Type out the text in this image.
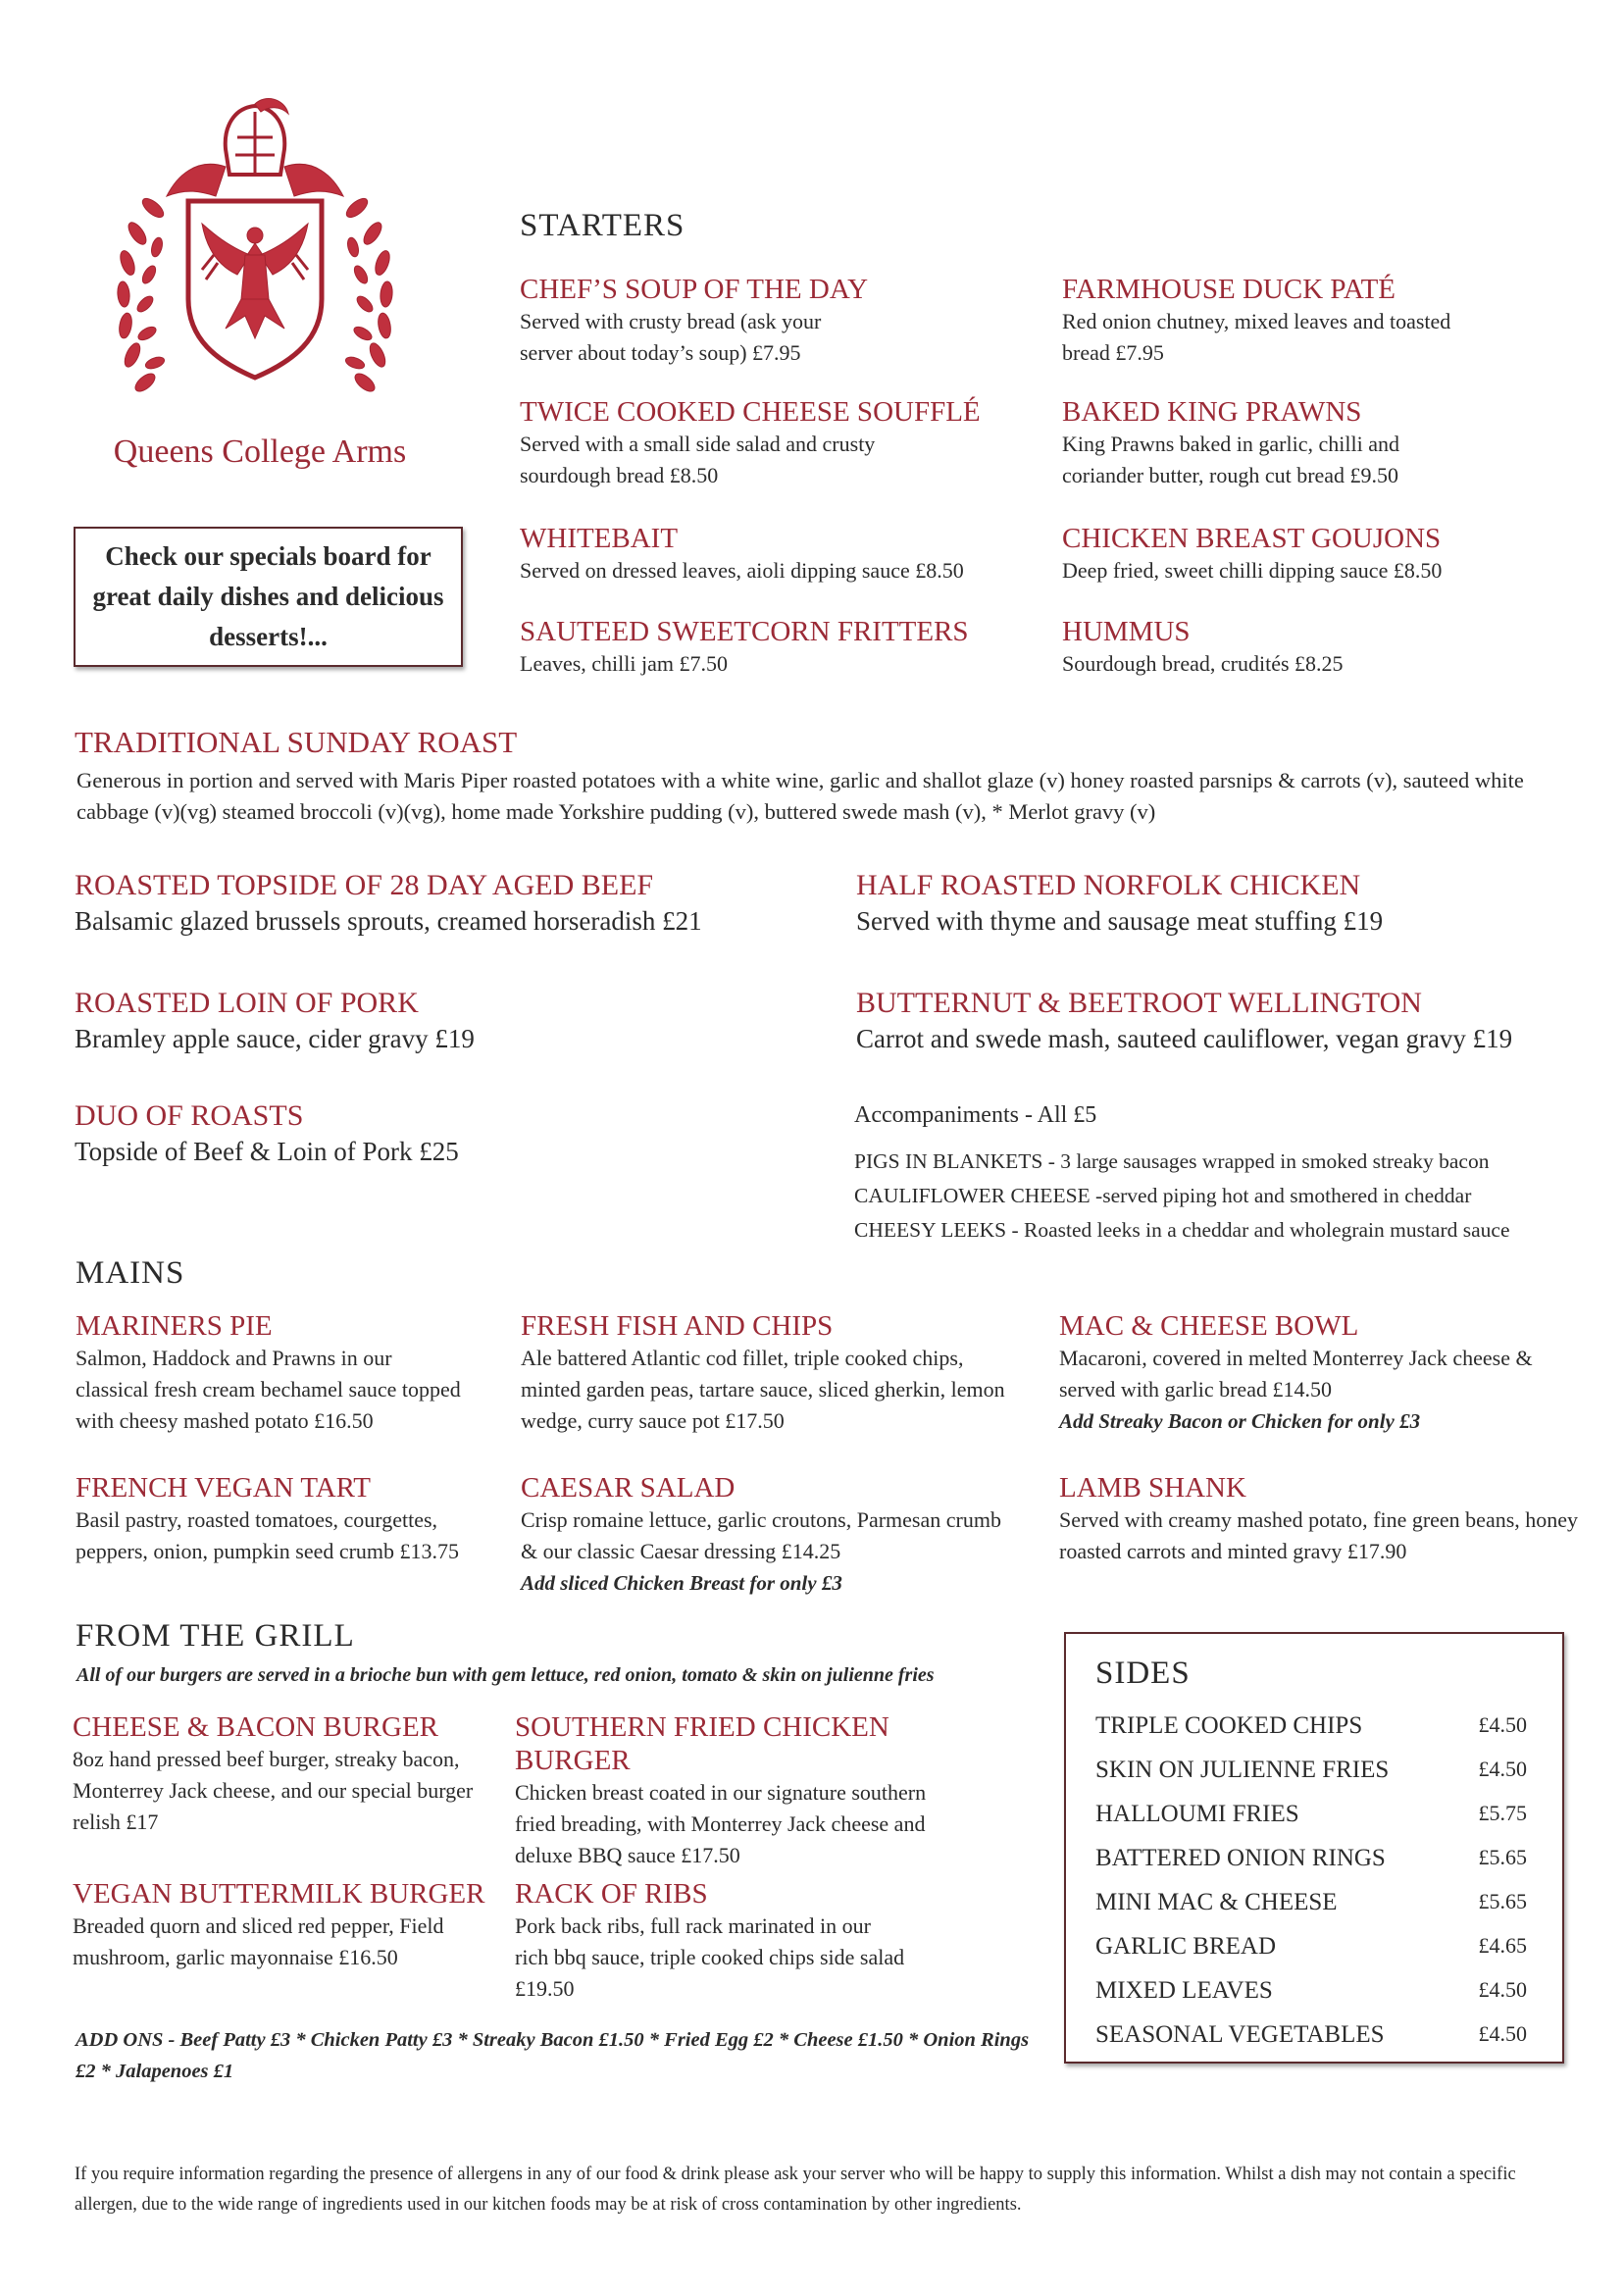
Queens College Arms
Check our specials board for great daily dishes and delicious desserts!...
STARTERS
CHEF’S SOUP OF THE DAY

Served with crusty bread (ask your server about today’s soup) £7.95

FARMHOUSE DUCK PATÉ

Red onion chutney, mixed leaves and toasted bread £7.95

TWICE COOKED CHEESE SOUFFLÉ

Served with a small side salad and crusty sourdough bread £8.50

BAKED KING PRAWNS

King Prawns baked in garlic, chilli and coriander butter, rough cut bread £9.50

WHITEBAIT

Served on dressed leaves, aioli dipping sauce £8.50

CHICKEN BREAST GOUJONS

Deep fried, sweet chilli dipping sauce £8.50

SAUTEED SWEETCORN FRITTERS

Leaves, chilli jam £7.50

HUMMUS

Sourdough bread, crudités £8.25

TRADITIONAL SUNDAY ROAST
Generous in portion and served with Maris Piper roasted potatoes with a white wine, garlic and shallot glaze (v) honey roasted parsnips & carrots (v), sauteed white cabbage (v)(vg) steamed broccoli (v)(vg), home made Yorkshire pudding (v), buttered swede mash (v), * Merlot gravy (v)
ROASTED TOPSIDE OF 28 DAY AGED BEEF

Balsamic glazed brussels sprouts, creamed horseradish £21

HALF ROASTED NORFOLK CHICKEN

Served with thyme and sausage meat stuffing £19

ROASTED LOIN OF PORK

Bramley apple sauce, cider gravy £19

BUTTERNUT & BEETROOT WELLINGTON

Carrot and swede mash, sauteed cauliflower, vegan gravy £19

DUO OF ROASTS

Topside of Beef & Loin of Pork £25

Accompaniments - All £5
PIGS IN BLANKETS - 3 large sausages wrapped in smoked streaky bacon
CAULIFLOWER CHEESE -served piping hot and smothered in cheddar
CHEESY LEEKS - Roasted leeks in a cheddar and wholegrain mustard sauce
MAINS
MARINERS PIE

Salmon, Haddock and Prawns in our classical fresh cream bechamel sauce topped with cheesy mashed potato £16.50

FRESH FISH AND CHIPS

Ale battered Atlantic cod fillet, triple cooked chips, minted garden peas, tartare sauce, sliced gherkin, lemon wedge, curry sauce pot £17.50

MAC & CHEESE BOWL

Macaroni, covered in melted Monterrey Jack cheese & served with garlic bread £14.50

Add Streaky Bacon or Chicken for only £3

FRENCH VEGAN TART

Basil pastry, roasted tomatoes, courgettes, peppers, onion, pumpkin seed crumb £13.75

CAESAR SALAD

Crisp romaine lettuce, garlic croutons, Parmesan crumb & our classic Caesar dressing £14.25

Add sliced Chicken Breast for only £3

LAMB SHANK

Served with creamy mashed potato, fine green beans, honey roasted carrots and minted gravy £17.90

FROM THE GRILL
All of our burgers are served in a brioche bun with gem lettuce, red onion, tomato & skin on julienne fries
CHEESE & BACON BURGER

8oz hand pressed beef burger, streaky bacon, Monterrey Jack cheese, and our special burger relish £17

SOUTHERN FRIED CHICKEN BURGER

Chicken breast coated in our signature southern fried breading, with Monterrey Jack cheese and deluxe BBQ sauce £17.50

VEGAN BUTTERMILK BURGER

Breaded quorn and sliced red pepper, Field mushroom, garlic mayonnaise £16.50

RACK OF RIBS

Pork back ribs, full rack marinated in our rich bbq sauce, triple cooked chips side salad £19.50

ADD ONS - Beef Patty £3 * Chicken Patty £3 * Streaky Bacon £1.50 * Fried Egg £2 * Cheese £1.50 * Onion Rings £2 * Jalapenoes £1
SIDES
TRIPLE COOKED CHIPS	£4.50
SKIN ON JULIENNE FRIES	£4.50
HALLOUMI FRIES	£5.75
BATTERED ONION RINGS	£5.65
MINI MAC & CHEESE	£5.65
GARLIC BREAD	£4.65
MIXED LEAVES	£4.50
SEASONAL VEGETABLES	£4.50
If you require information regarding the presence of allergens in any of our food & drink please ask your server who will be happy to supply this information. Whilst a dish may not contain a specific allergen, due to the wide range of ingredients used in our kitchen foods may be at risk of cross contamination by other ingredients.
